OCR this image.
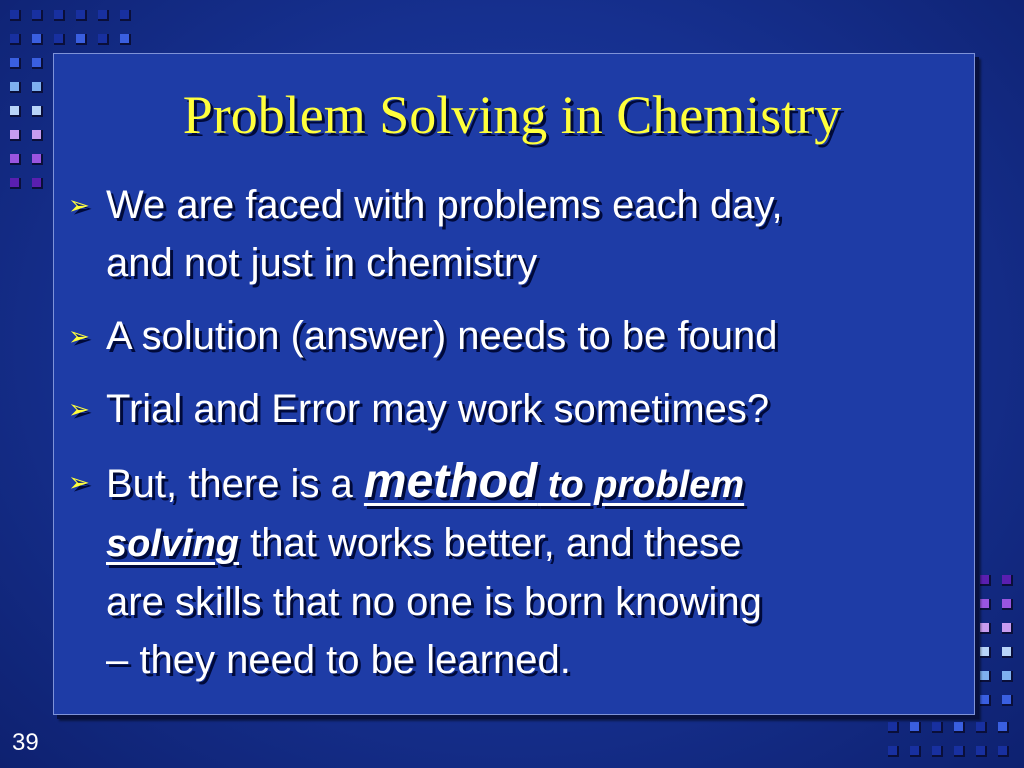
Problem Solving in Chemistry
➢ We are faced with problems each day,
and not just in chemistry
➢ A solution (answer) needs to be found
➢ Trial and Error may work sometimes?
➢ But, there is a method to problem
solving that works better, and these
are skills that no one is born knowing
– they need to be learned.
39
